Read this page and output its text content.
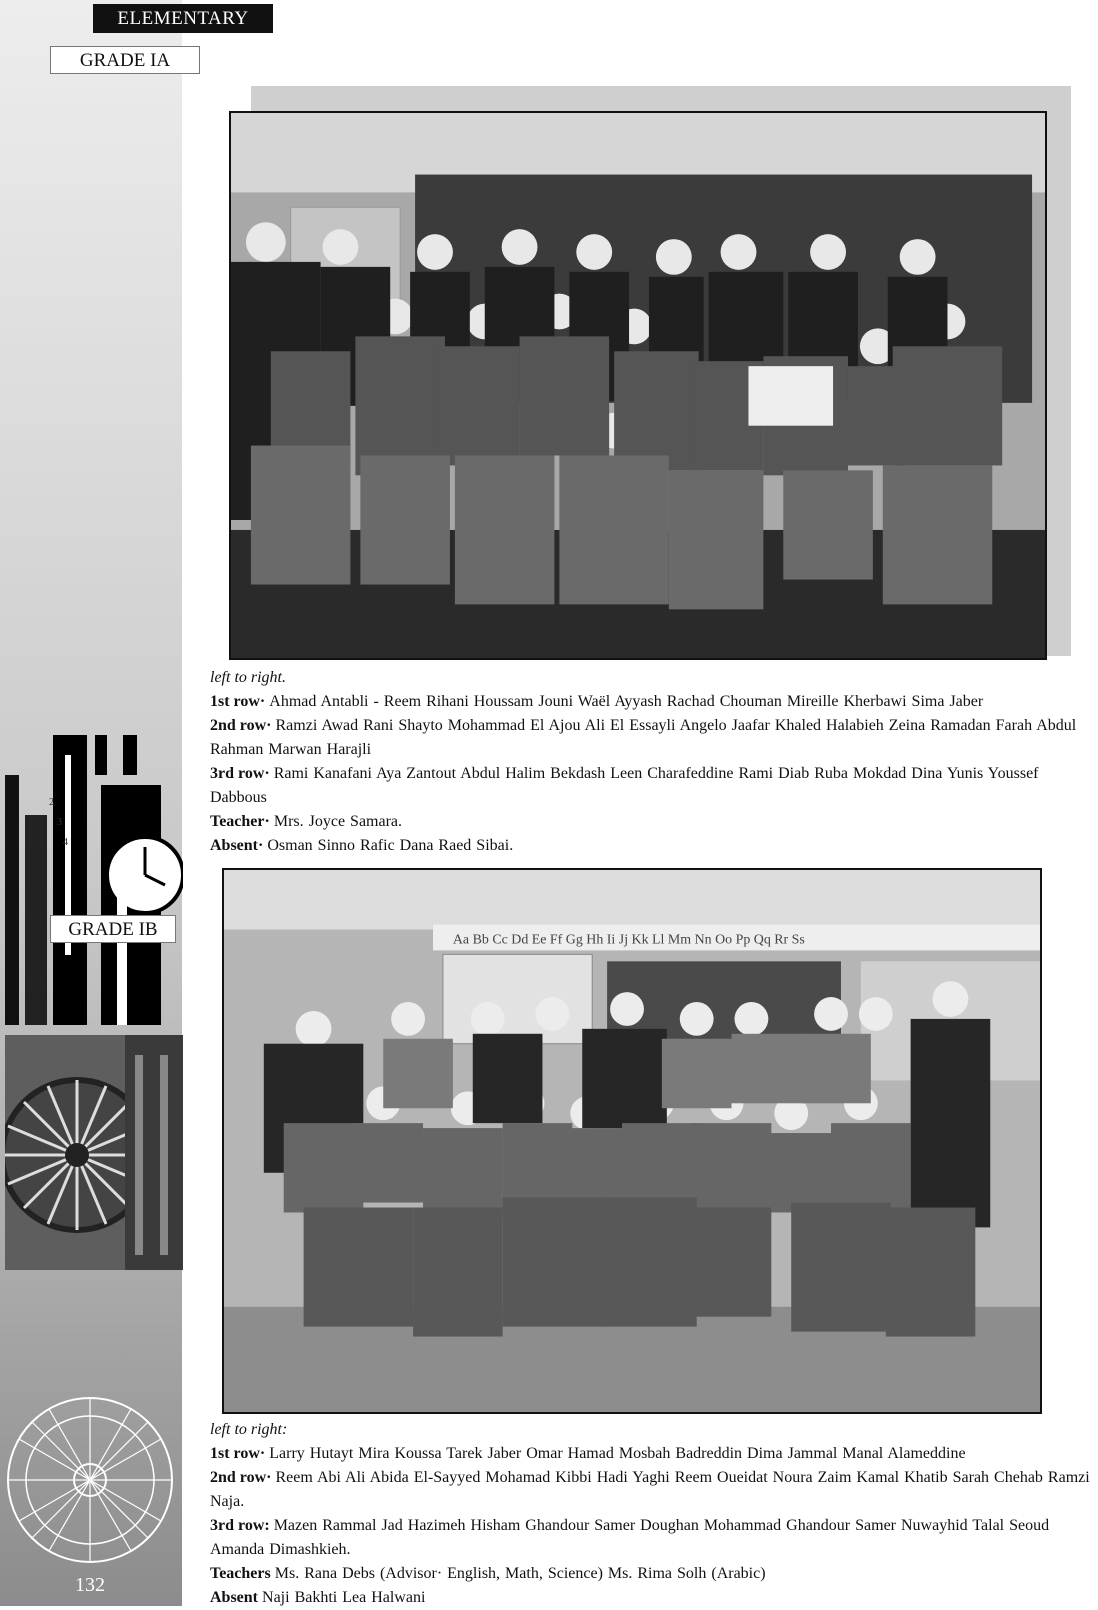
2
3
4
132
ELEMENTARY
GRADE IA
GRADE IB
left to right.
1st row· Ahmad Antabli - Reem Rihani Houssam Jouni Waël Ayyash Rachad Chouman Mireille Kherbawi Sima Jaber
2nd row· Ramzi Awad Rani Shayto Mohammad El Ajou Ali El Essayli Angelo Jaafar Khaled Halabieh Zeina Ramadan Farah Abdul Rahman Marwan Harajli
3rd row· Rami Kanafani Aya Zantout Abdul Halim Bekdash Leen Charafeddine Rami Diab Ruba Mokdad Dina Yunis Youssef Dabbous
Teacher· Mrs. Joyce Samara.
Absent· Osman Sinno Rafic Dana Raed Sibai.
Aa Bb Cc Dd Ee Ff Gg Hh Ii Jj Kk Ll Mm Nn Oo Pp Qq Rr Ss
left to right:
1st row· Larry Hutayt Mira Koussa Tarek Jaber Omar Hamad Mosbah Badreddin Dima Jammal Manal Alameddine
2nd row· Reem Abi Ali Abida El-Sayyed Mohamad Kibbi Hadi Yaghi Reem Oueidat Noura Zaim Kamal Khatib Sarah Chehab Ramzi Naja.
3rd row: Mazen Rammal Jad Hazimeh Hisham Ghandour Samer Doughan Mohammad Ghandour Samer Nuwayhid Talal Seoud Amanda Dimashkieh.
Teachers Ms. Rana Debs (Advisor· English, Math, Science) Ms. Rima Solh (Arabic)
Absent Naji Bakhti Lea Halwani
